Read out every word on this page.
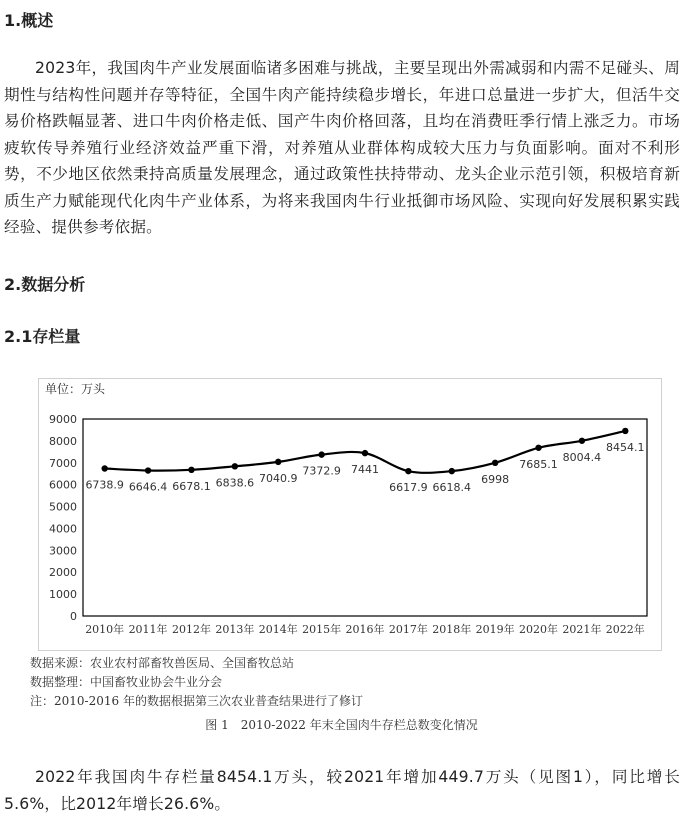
1.概述

2023年，我国肉牛产业发展面临诸多困难与挑战，主要呈现出外需减弱和内需不足碰头、周期性与结构性问题并存等特征，全国牛肉产能持续稳步增长，年进口总量进一步扩大，但活牛交易价格跌幅显著、进口牛肉价格走低、国产牛肉价格回落，且均在消费旺季行情上涨乏力。市场疲软传导养殖行业经济效益严重下滑，对养殖从业群体构成较大压力与负面影响。面对不利形势，不少地区依然秉持高质量发展理念，通过政策性扶持带动、龙头企业示范引领，积极培育新质生产力赋能现代化肉牛产业体系，为将来我国肉牛行业抵御市场风险、实现向好发展积累实践经验、提供参考依据。

2.数据分析
2.1存栏量
单位：万头
0
1000
2000
3000
4000
5000
6000
7000
8000
9000
2010年 2011年 2012年 2013年 2014年 2015年 2016年 2017年 2018年 2019年 2020年 2021年 2022年
6738.9 6646.4 6678.1 6838.6 7040.9
7372.9 7441
6617.9 6618.4
6998
7685.1
8004.4
8454.1
数据来源：农业农村部畜牧兽医局、全国畜牧总站
数据整理：中国畜牧业协会牛业分会
注：2010-2016 年的数据根据第三次农业普查结果进行了修订
图 1　2010-2022 年末全国肉牛存栏总数变化情况

2022年我国肉牛存栏量8454.1万头，较2021年增加449.7万头（见图1），同比增长5.6%，比2012年增长26.6%。
